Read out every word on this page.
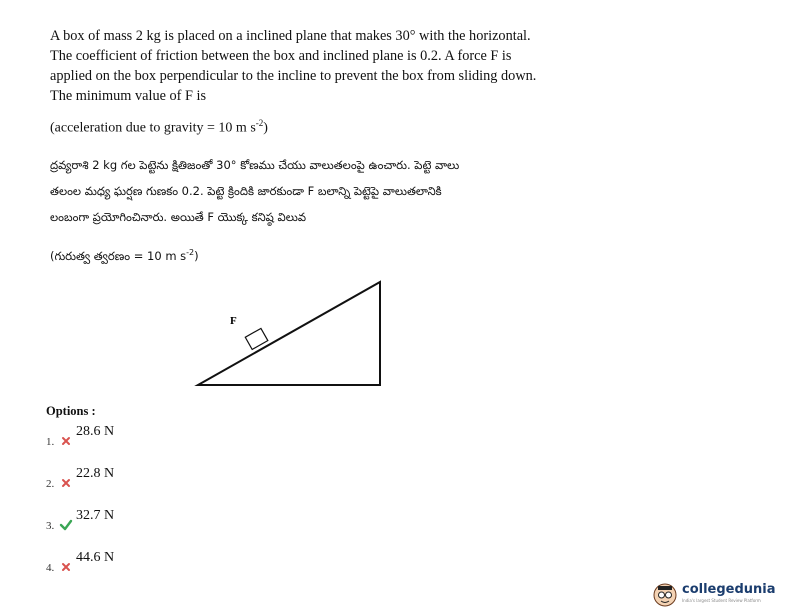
A box of mass 2 kg is placed on a inclined plane that makes 30° with the horizontal.

The coefficient of friction between the box and inclined plane is 0.2. A force F is

applied on the box perpendicular to the incline to prevent the box from sliding down.

The minimum value of F is

(acceleration due to gravity = 10 m $s^{-2}$)

ద్రవ్యరాశి 2 kg గల పెట్టెను క్షితిజంతో 30° కోణము చేయు వాలుతలంపై ఉంచారు. పెట్టె వాలు

తలంల మధ్య ఘర్షణ గుణకం 0.2. పెట్టె క్రిందికి జారకుండా F బలాన్ని పెట్టెపై వాలుతలానికి

లంబంగా ప్రయోగించినారు. అయితే F యొక్క కనిష్ఠ విలువ

(గురుత్వ త్వరణం = 10 m $s^{-2}$)
F
Options :
1.
28.6 N
2.
22.8 N
3.
32.7 N
4.
44.6 N
collegedunia
India's largest Student Review Platform
